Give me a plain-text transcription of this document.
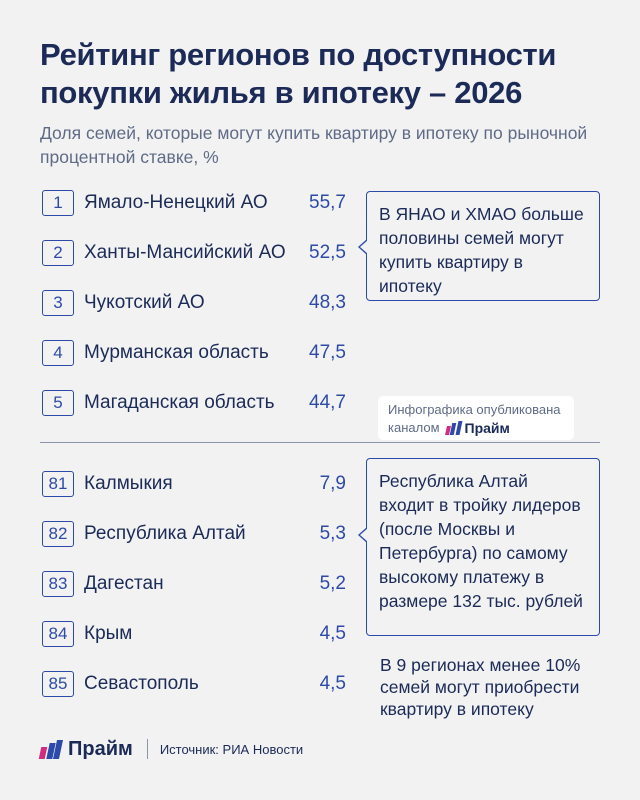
Рейтинг регионов по доступности покупки жилья в ипотеку – 2026
Доля семей, которые могут купить квартиру в ипотеку по рыночной процентной ставке, %
1	Ямало-Ненецкий АО 55,7
2	Ханты-Мансийский АО 52,5
3	Чукотский АО	48,3
4	Мурманская область 47,5
5	Магаданская область 44,7
81 Калмыкия	7,9
82 Республика Алтай	5,3
83 Дагестан	5,2
84 Крым	4,5
85 Севастополь	4,5
В ЯНАО и ХМАО больше половины семей могут купить квартиру в ипотеку
Республика Алтай входит в тройку лидеров (после Москвы и Петербурга) по самому высокому платежу в размере 132 тыс. рублей
В 9 регионах менее 10% семей могут приобрести квартиру в ипотеку
Инфографика опубликована
каналом Прайм
Прайм Источник: РИА Новости
